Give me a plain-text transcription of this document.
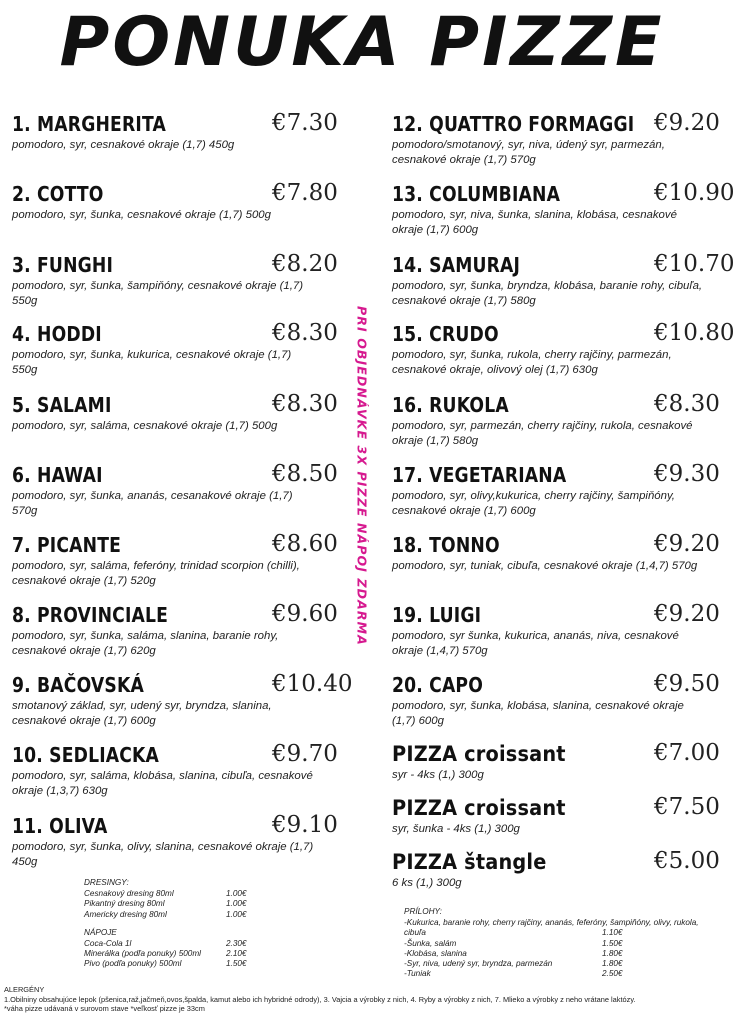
PONUKA PIZZE
1. MARGHERITA	€7.30
pomodoro, syr, cesnakové okraje (1,7) 450g
2. COTTO	€7.80
pomodoro, syr, šunka, cesnakové okraje (1,7) 500g
3. FUNGHI	€8.20
pomodoro, syr, šunka, šampiňóny, cesnakové okraje (1,7) 550g
4. HODDI	€8.30
pomodoro, syr, šunka, kukurica, cesnakové okraje (1,7) 550g
5. SALAMI	€8.30
pomodoro, syr, saláma, cesnakové okraje (1,7) 500g
6. HAWAI	€8.50
pomodoro, syr, šunka, ananás, cesanakové okraje (1,7) 570g
7. PICANTE	€8.60
pomodoro, syr, saláma, feferóny, trinidad scorpion (chilli), cesnakové okraje (1,7) 520g
8. PROVINCIALE	€9.60
pomodoro, syr, šunka, saláma, slanina, baranie rohy, cesnakové okraje (1,7) 620g
9. BAČOVSKÁ	€10.40
smotanový základ, syr, udený syr, bryndza, slanina, cesnakové okraje (1,7) 600g
10. SEDLIACKA	€9.70
pomodoro, syr, saláma, klobása, slanina, cibuľa, cesnakové okraje (1,3,7) 630g
11. OLIVA	€9.10
pomodoro, syr, šunka, olivy, slanina, cesnakové okraje (1,7) 450g
PRI OBJEDNÁVKE 3X PIZZE NÁPOJ ZDARMA
12. QUATTRO FORMAGGI €9.20
pomodoro/smotanový, syr, niva, údený syr, parmezán, cesnakové okraje (1,7) 570g
13. COLUMBIANA	€10.90
pomodoro, syr, niva, šunka, slanina, klobása, cesnakové okraje (1,7) 600g
14. SAMURAJ	€10.70
pomodoro, syr, šunka, bryndza, klobása, baranie rohy, cibuľa, cesnakové okraje (1,7) 580g
15. CRUDO	€10.80
pomodoro, syr, šunka, rukola, cherry rajčiny, parmezán, cesnakové okraje, olivový olej (1,7) 630g
16. RUKOLA	€8.30
pomodoro, syr, parmezán, cherry rajčiny, rukola, cesnakové okraje (1,7) 580g
17. VEGETARIANA	€9.30
pomodoro, syr, olivy,kukurica, cherry rajčiny, šampiňóny, cesnakové okraje (1,7) 600g
18. TONNO	€9.20
pomodoro, syr, tuniak, cibuľa, cesnakové okraje (1,4,7) 570g
19. LUIGI	€9.20
pomodoro, syr šunka, kukurica, ananás, niva, cesnakové okraje (1,4,7) 570g
20. CAPO	€9.50
pomodoro, syr, šunka, klobása, slanina, cesnakové okraje (1,7) 600g
PIZZA croissant	€7.00
syr - 4ks (1,) 300g
PIZZA croissant	€7.50
syr, šunka - 4ks (1,) 300g
PIZZA štangle	€5.00
6 ks (1,) 300g
DRESINGY:
Cesnakový dresing 80ml	1.00€
Pikantný dresing 80ml	1.00€
Americky dresing 80ml	1.00€
NÁPOJE
Coca-Cola 1l	2.30€
Minerálka (podľa ponuky) 500ml	2.10€
Pivo (podľa ponuky) 500ml	1.50€
PRÍLOHY:
-Kukurica, baranie rohy, cherry rajčiny, ananás, feferóny, šampiňóny, olivy, rukola, cibuľa	1.10€
-Šunka, salám	1.50€
-Klobása, slanina	1.80€
-Syr, niva, udený syr, bryndza, parmezán	1.80€
-Tuniak	2.50€
ALERGÉNY
1.Obilniny obsahujúce lepok (pšenica,raž,jačmeň,ovos,špalda, kamut alebo ich hybridné odrody), 3. Vajcia a výrobky z nich, 4. Ryby a výrobky z nich, 7. Mlieko a výrobky z neho vrátane laktózy.
*váha pizze udávaná v surovom stave *veľkosť pizze je 33cm
